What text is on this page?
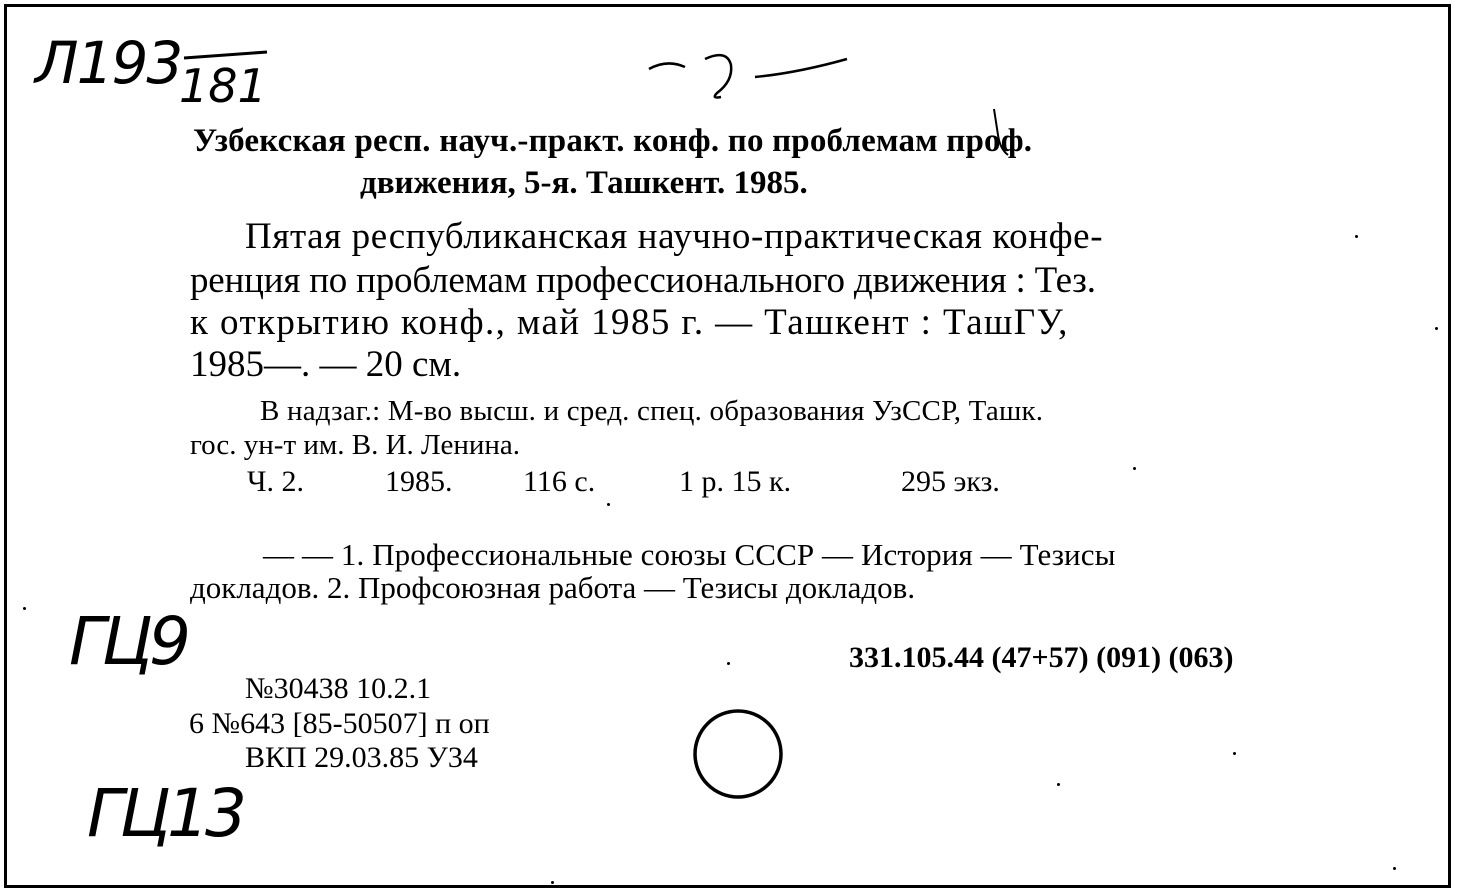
Л193
181
Узбекская респ. науч.-практ. конф. по проблемам проф.
движения, 5-я. Ташкент. 1985.
Пятая республиканская научно-практическая конфе-
ренция по проблемам профессионального движения : Тез.
к открытию конф., май 1985 г. — Ташкент : ТашГУ,
1985—. — 20 см.
В надзаг.: М-во высш. и сред. спец. образования УзССР, Ташк.
гос. ун-т им. В. И. Ленина.
Ч. 2.	1985. 116 с.	1 р. 15 к.	295 экз.
— — 1. Профессиональные союзы СССР — История — Тезисы
докладов. 2. Профсоюзная работа — Тезисы докладов.
ГЦ9	331.105.44 (47+57) (091) (063)
№30438 10.2.1
6 №643 [85-50507] п оп
ВКП 29.03.85 У34
ГЦ13
